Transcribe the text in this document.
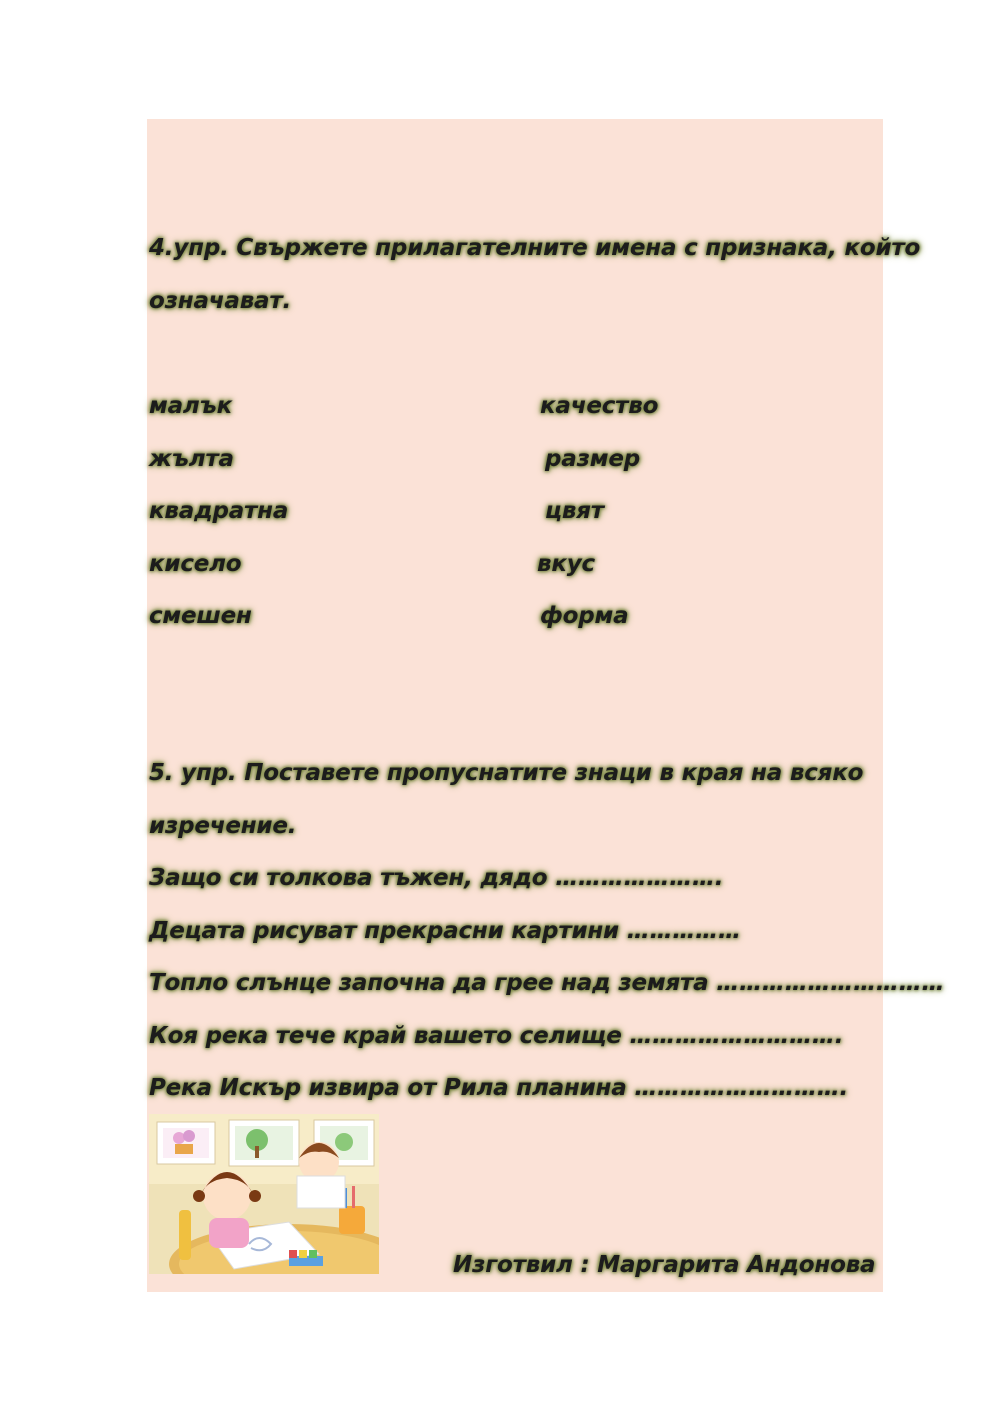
4.упр. Свържете прилагателните имена с признака, който
означават.
малък
жълта
квадратна
кисело
смешен
качество
размер
цвят
вкус
форма
5. упр. Поставете пропуснатите знаци в края на всяко
изречение.
Защо си толкова тъжен, дядо ………………….
Децата рисуват прекрасни картини ……………
Топло слънце започна да грее над земята …………………………
Коя река тече край вашето селище ……………………….
Река Искър извира от Рила планина ……………………….
Изготвил : Маргарита Андонова
